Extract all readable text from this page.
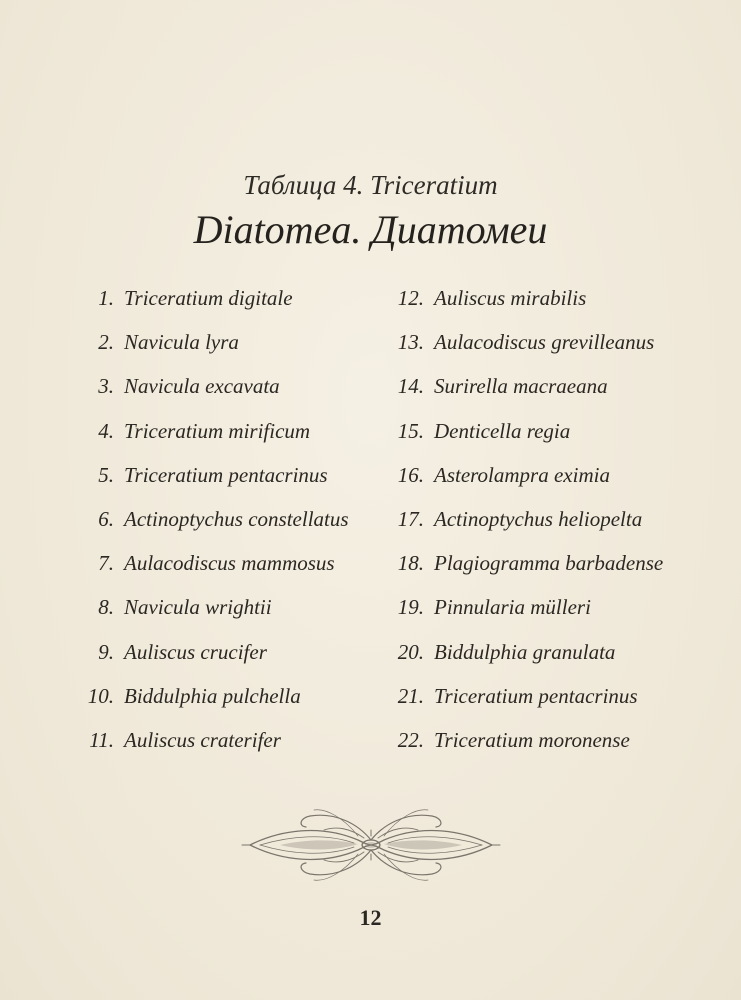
Таблица 4. Triceratium
Diatomea. Диатомеи
1. Triceratium digitale
2. Navicula lyra
3. Navicula excavata
4. Triceratium mirificum
5. Triceratium pentacrinus
6. Actinoptychus constellatus
7. Aulacodiscus mammosus
8. Navicula wrightii
9. Auliscus crucifer
10. Biddulphia pulchella
11. Auliscus craterifer
12. Auliscus mirabilis
13. Aulacodiscus grevilleanus
14. Surirella macraeana
15. Denticella regia
16. Asterolampra eximia
17. Actinoptychus heliopelta
18. Plagiogramma barbadense
19. Pinnularia mülleri
20. Biddulphia granulata
21. Triceratium pentacrinus
22. Triceratium moronense
12
